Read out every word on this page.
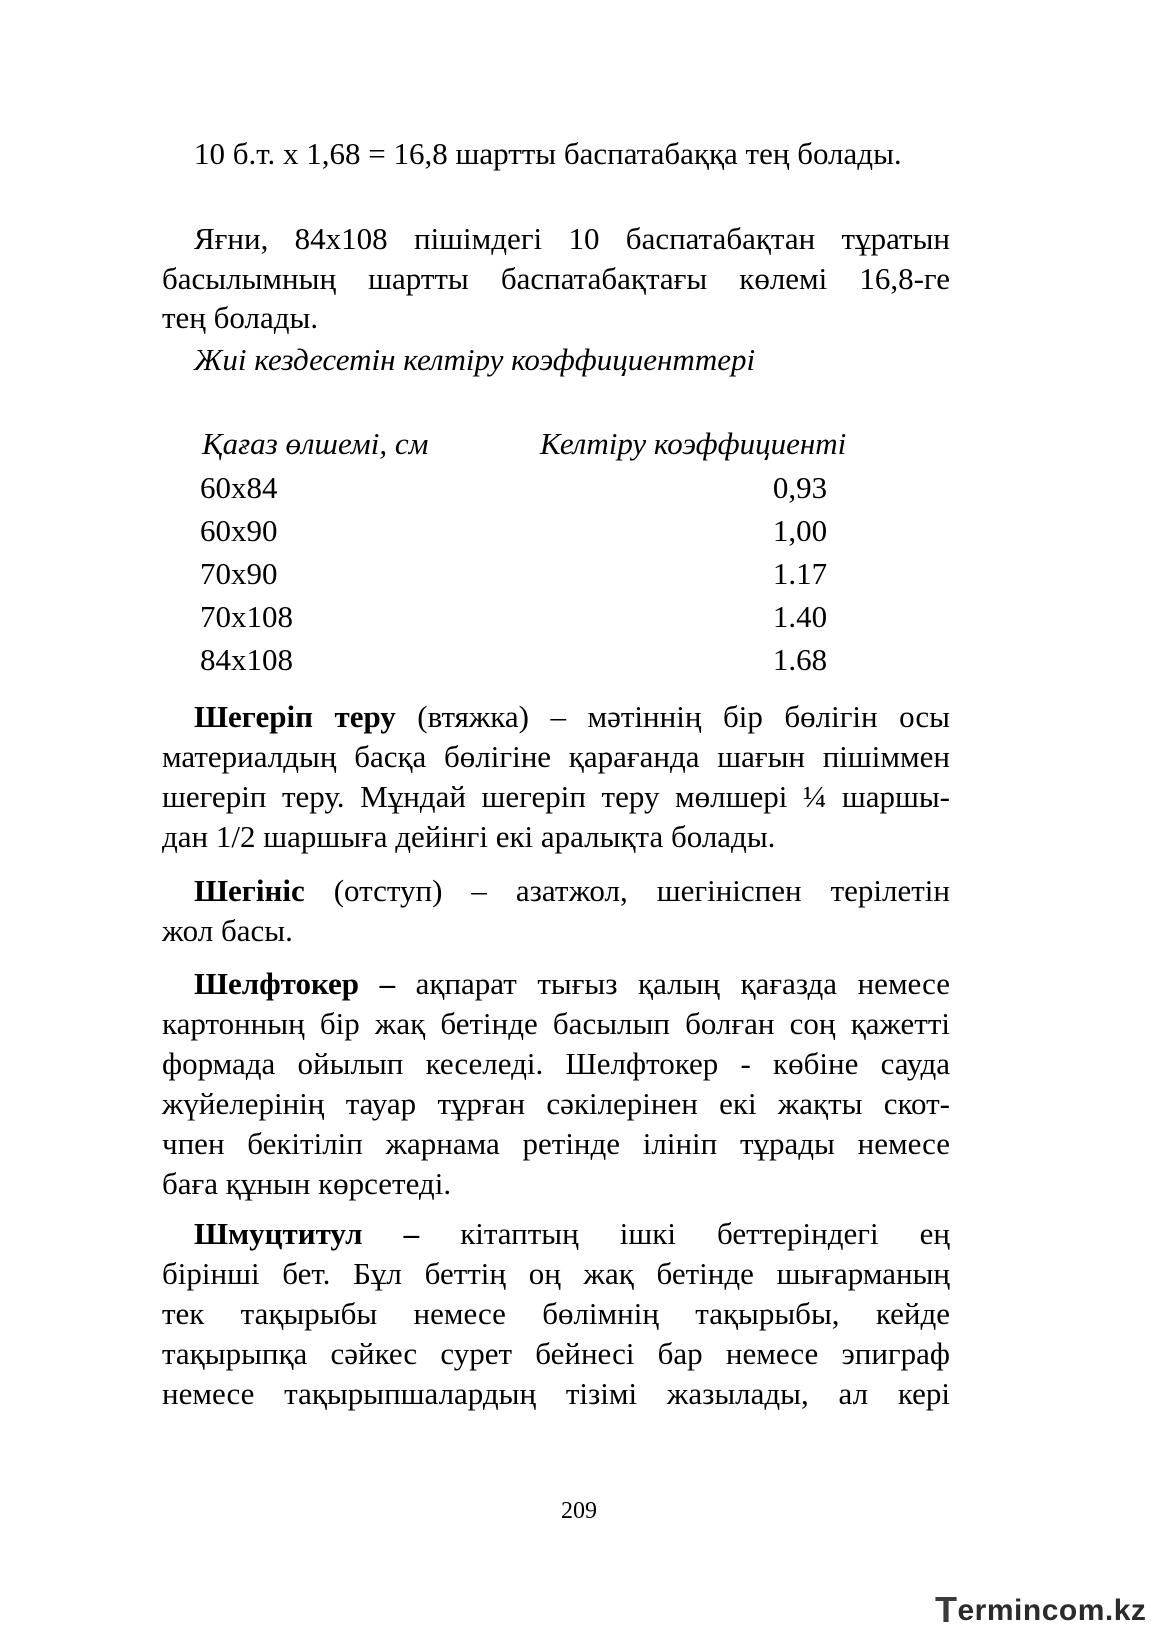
10 б.т. х 1,68 = 16,8 шартты баспатабаққа тең болады.
Яғни, 84х108 пішімдегі 10 баспатабақтан тұратын
басылымның шартты баспатабақтағы көлемі 16,8-ге
тең болады.
Жиі кездесетін келтіру коэффициенттері
Қағаз өлшемі, см	Келтіру коэффициенті
60х84	0,93
60х90	1,00
70х90	1.17
70х108	1.40
84х108	1.68
Шегеріп теру (втяжка) – мәтіннің бір бөлігін осы
материалдың басқа бөлігіне қарағанда шағын пішіммен
шегеріп теру. Мұндай шегеріп теру мөлшері ¼ шаршы-
дан 1/2 шаршыға дейінгі екі аралықта болады.
Шегініс (отступ) – азатжол, шегініспен терілетін
жол басы.
Шелфтокер – ақпарат тығыз қалың қағазда немесе
картонның бір жақ бетінде басылып болған соң қажетті
формада ойылып кеселеді. Шелфтокер - көбіне сауда
жүйелерінің тауар тұрған сәкілерінен екі жақты скот-
чпен бекітіліп жарнама ретінде ілініп тұрады немесе
баға құнын көрсетеді.
Шмуцтитул – кітаптың ішкі беттеріндегі ең
бірінші бет. Бұл беттің оң жақ бетінде шығарманың
тек тақырыбы немесе бөлімнің тақырыбы, кейде
тақырыпқа сәйкес сурет бейнесі бар немесе эпиграф
немесе тақырыпшалардың тізімі жазылады, ал кері
209
Termincom.kz
